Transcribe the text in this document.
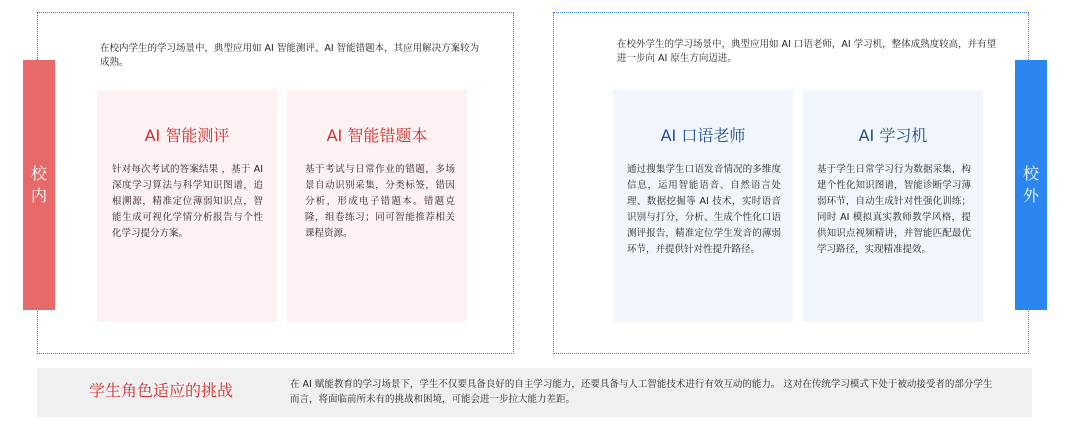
校内
在校内学生的学习场景中，典型应用如 AI 智能测评、AI 智能错题本，其应用解决方案较为成熟。
AI 智能测评
针对每次考试的答案结果 ，基于 AI 深度学习算法与科学知识图谱，追根溯源，精准定位薄弱知识点，智能生成可视化学情分析报告与个性化学习提分方案。
AI 智能错题本
基于考试与日常作业的错题，多场景自动识别采集，分类标签，错因分析，形成电子错题本。错题克隆，组卷练习；同可智能推荐相关课程资源。
校外
在校外学生的学习场景中，典型应用如 AI 口语老师，AI 学习机，整体成熟度较高，并有望进一步向 AI 原生方向迈进。
AI 口语老师
通过搜集学生口语发音情况的多维度信息，运用智能语音、自然语言处理、数据挖掘等 AI 技术，实时语音识别与打分，分析、生成个性化口语测评报告，精准定位学生发音的薄弱环节，并提供针对性提升路径。
AI 学习机
基于学生日常学习行为数据采集，构建个性化知识图谱，智能诊断学习薄弱环节，自动生成针对性强化训练；同时 AI 模拟真实教师教学风格，提供知识点视频精讲，并智能匹配最优学习路径，实现精准提效。
学生角色适应的挑战	在 AI 赋能教育的学习场景下，学生不仅要具备良好的自主学习能力，还要具备与人工智能技术进行有效互动的能力。 这对在传统学习模式下处于被动接受者的部分学生而言，将面临前所未有的挑战和困境，可能会进一步拉大能力差距。
